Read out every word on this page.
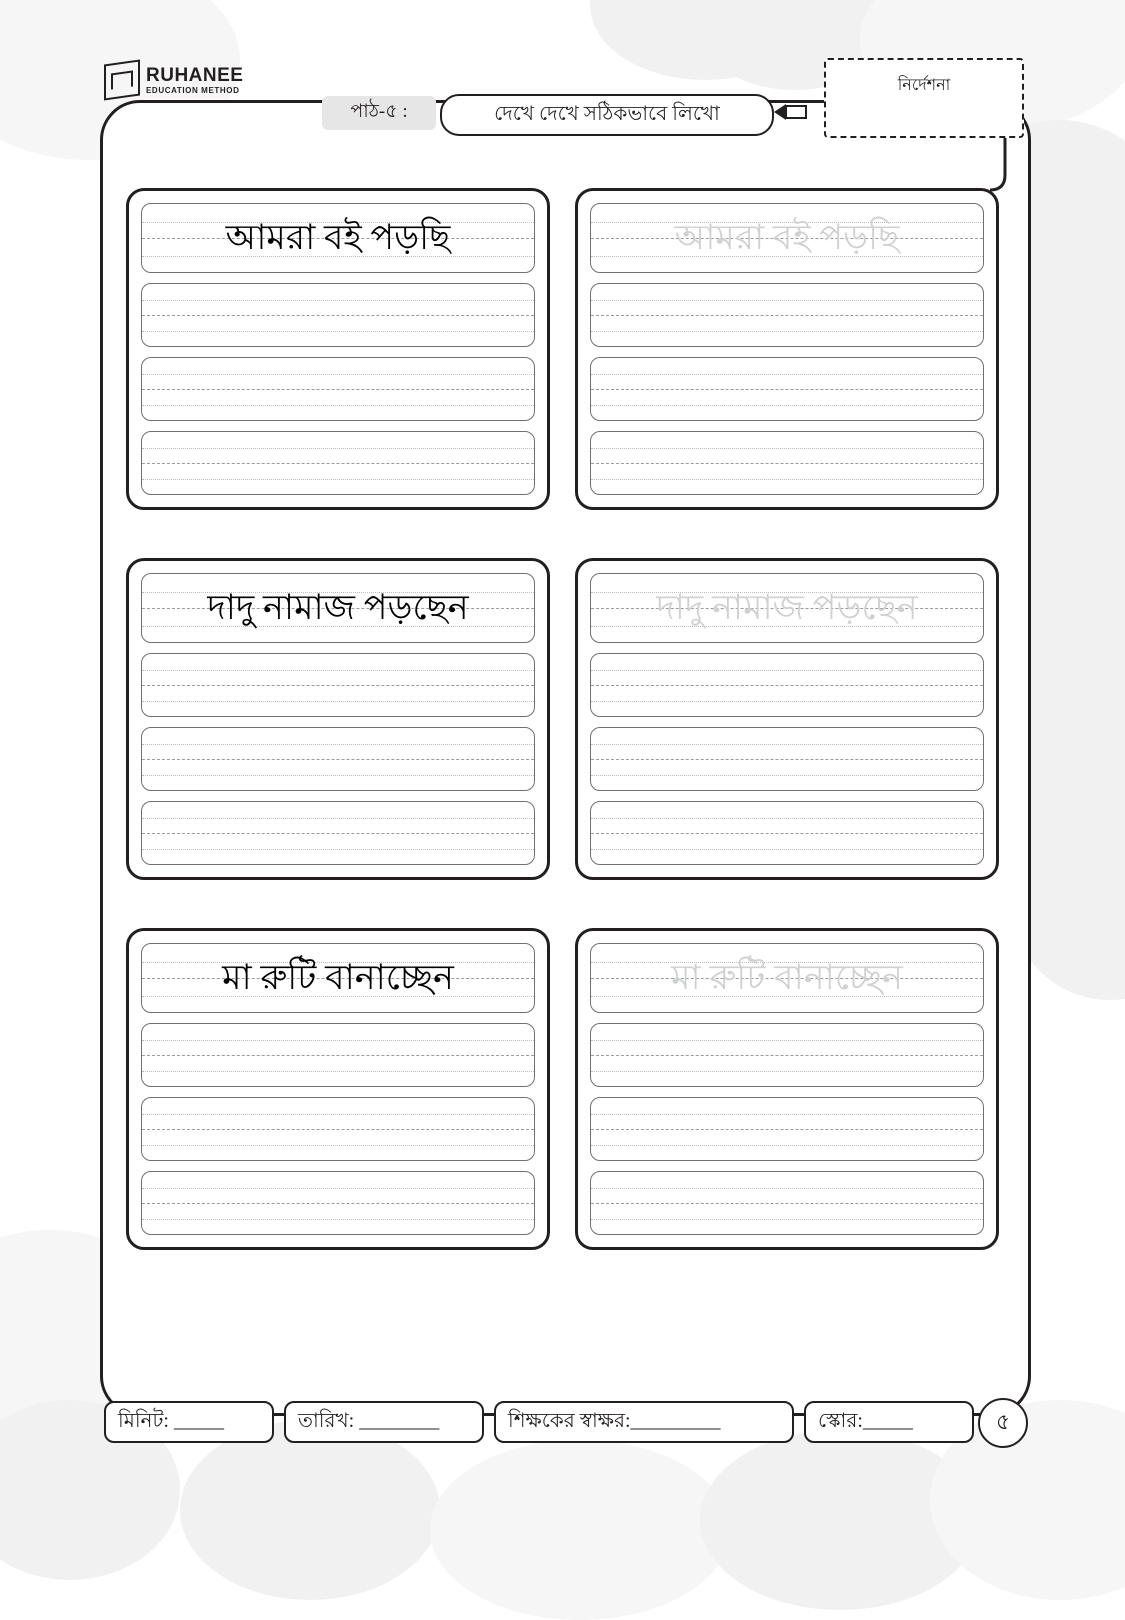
RUHANEE
EDUCATION METHOD
পাঠ-৫ :	দেখে দেখে সঠিকভাবে লিখো
নির্দেশনা
আমরা বই পড়ছি	আমরা বই পড়ছি
দাদু নামাজ পড়ছেন	দাদু নামাজ পড়ছেন
মা রুটি বানাচ্ছেন	মা রুটি বানাচ্ছেন
মিনিট: _____	তারিখ: ________	শিক্ষকের স্বাক্ষর:_________	স্কোর:_____	৫
